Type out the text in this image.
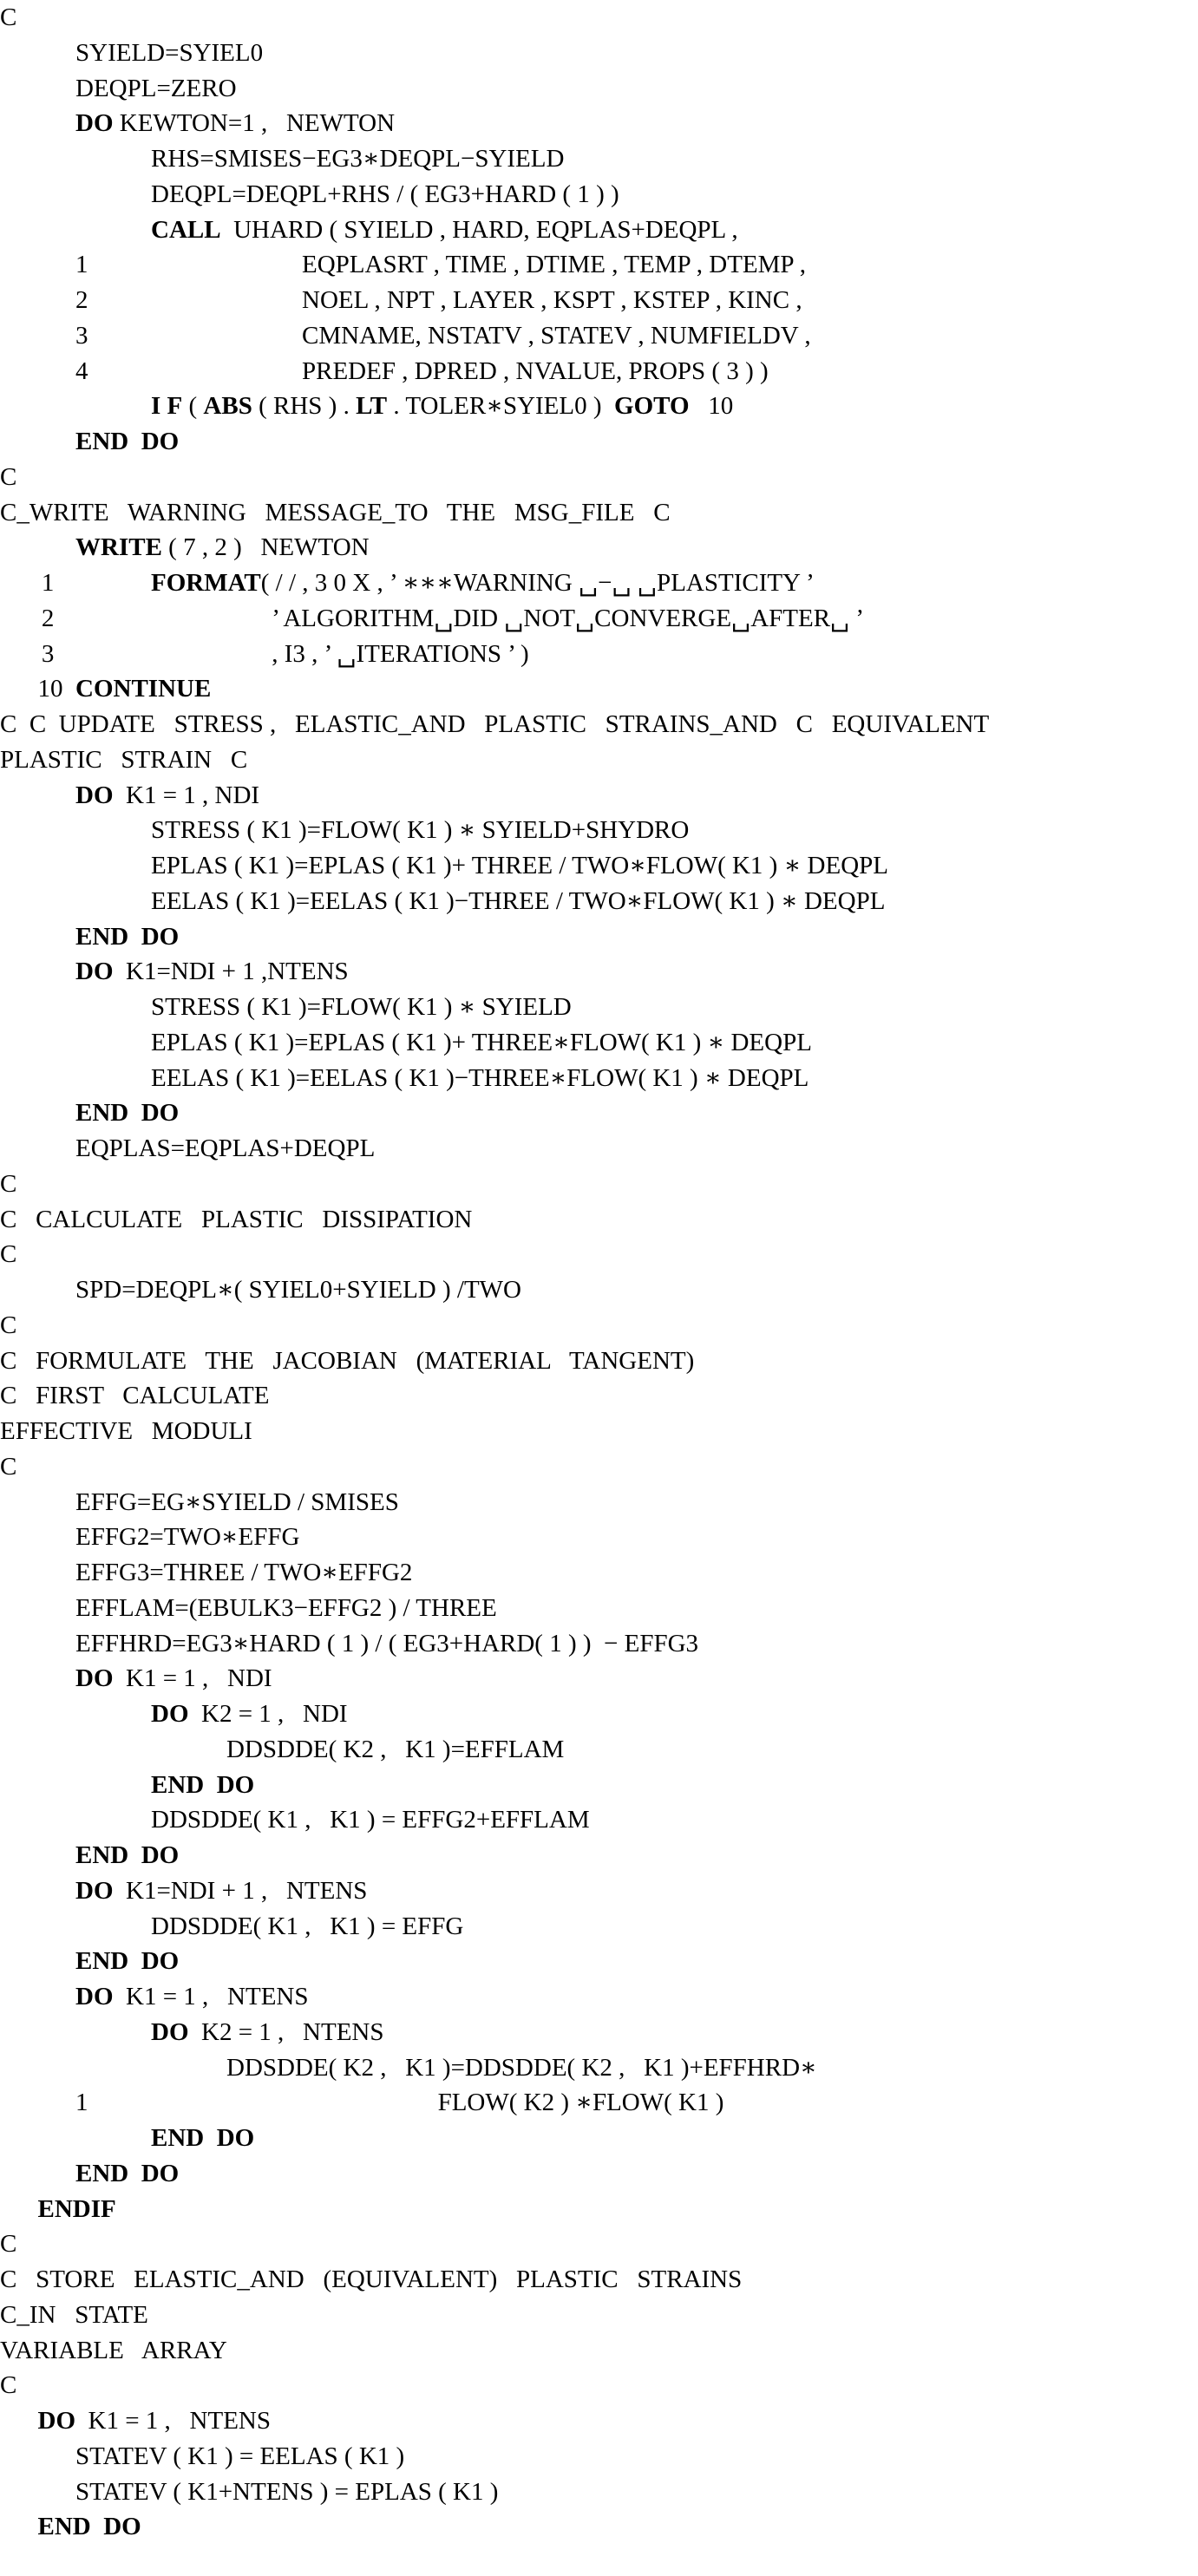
C
SYIELD=SYIEL0
DEQPL=ZERO
DO KEWTON=1 ,   NEWTON
RHS=SMISES−EG3∗DEQPL−SYIELD
DEQPL=DEQPL+RHS / ( EG3+HARD ( 1 ) )
CALL  UHARD ( SYIELD , HARD, EQPLAS+DEQPL ,
1	EQPLASRT , TIME , DTIME , TEMP , DTEMP ,
2	NOEL , NPT , LAYER , KSPT , KSTEP , KINC ,
3	CMNAME, NSTATV , STATEV , NUMFIELDV ,
4	PREDEF , DPRED , NVALUE, PROPS ( 3 ) )
I F ( ABS ( RHS ) . LT . TOLER∗SYIEL0 )  GOTO   10
END  DO
C
C_WRITE   WARNING   MESSAGE_TO   THE   MSG_FILE   C
WRITE ( 7 , 2 )   NEWTON
1	FORMAT( / / , 3 0 X , ’ ∗∗∗WARNING ␣−␣ ␣PLASTICITY ’
2	’ ALGORITHM␣DID ␣NOT␣CONVERGE␣AFTER␣ ’
3	, I3 , ’ ␣ITERATIONS ’ )
10 CONTINUE
C  C  UPDATE   STRESS ,   ELASTIC_AND   PLASTIC   STRAINS_AND   C   EQUIVALENT
PLASTIC   STRAIN   C
DO  K1 = 1 , NDI
STRESS ( K1 )=FLOW( K1 ) ∗ SYIELD+SHYDRO
EPLAS ( K1 )=EPLAS ( K1 )+ THREE / TWO∗FLOW( K1 ) ∗ DEQPL
EELAS ( K1 )=EELAS ( K1 )−THREE / TWO∗FLOW( K1 ) ∗ DEQPL
END  DO
DO  K1=NDI + 1 ,NTENS
STRESS ( K1 )=FLOW( K1 ) ∗ SYIELD
EPLAS ( K1 )=EPLAS ( K1 )+ THREE∗FLOW( K1 ) ∗ DEQPL
EELAS ( K1 )=EELAS ( K1 )−THREE∗FLOW( K1 ) ∗ DEQPL
END  DO
EQPLAS=EQPLAS+DEQPL
C
C   CALCULATE   PLASTIC   DISSIPATION
C
SPD=DEQPL∗( SYIEL0+SYIELD ) /TWO
C
C   FORMULATE   THE   JACOBIAN   (MATERIAL   TANGENT)
C   FIRST   CALCULATE
EFFECTIVE   MODULI
C
EFFG=EG∗SYIELD / SMISES
EFFG2=TWO∗EFFG
EFFG3=THREE / TWO∗EFFG2
EFFLAM=(EBULK3−EFFG2 ) / THREE
EFFHRD=EG3∗HARD ( 1 ) / ( EG3+HARD( 1 ) )  − EFFG3
DO  K1 = 1 ,   NDI
DO  K2 = 1 ,   NDI
DDSDDE( K2 ,   K1 )=EFFLAM
END  DO
DDSDDE( K1 ,   K1 ) = EFFG2+EFFLAM
END  DO
DO  K1=NDI + 1 ,   NTENS
DDSDDE( K1 ,   K1 ) = EFFG
END  DO
DO  K1 = 1 ,   NTENS
DO  K2 = 1 ,   NTENS
DDSDDE( K2 ,   K1 )=DDSDDE( K2 ,   K1 )+EFFHRD∗
1	FLOW( K2 ) ∗FLOW( K1 )
END  DO
END  DO
ENDIF
C
C   STORE   ELASTIC_AND   (EQUIVALENT)   PLASTIC   STRAINS
C_IN   STATE
VARIABLE   ARRAY
C
DO  K1 = 1 ,   NTENS
STATEV ( K1 ) = EELAS ( K1 )
STATEV ( K1+NTENS ) = EPLAS ( K1 )
END  DO
